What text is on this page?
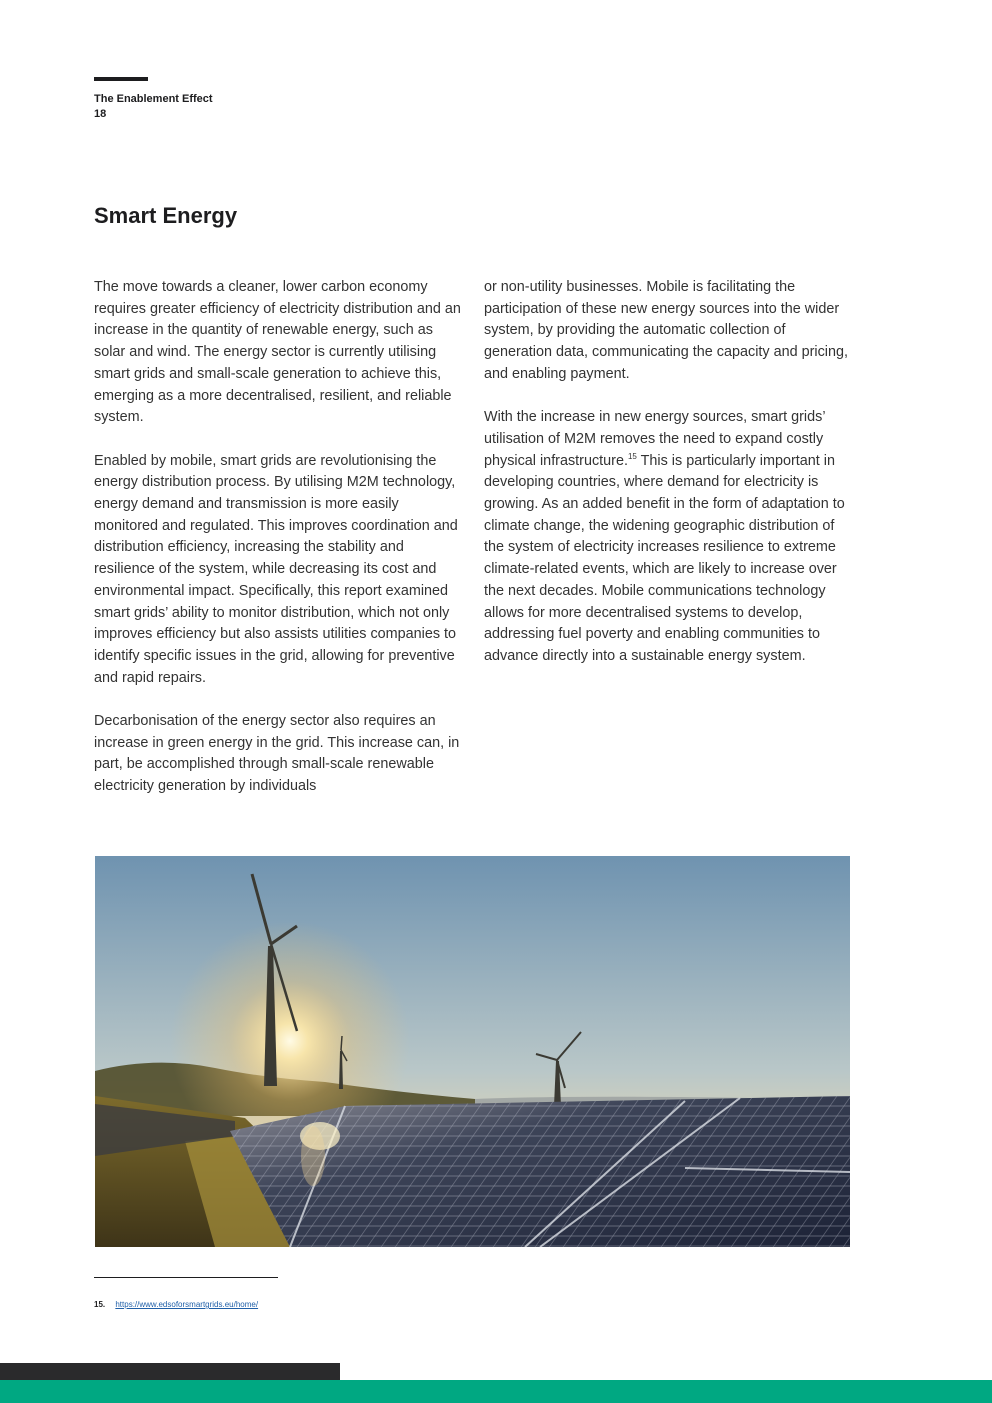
The Enablement Effect
18
Smart Energy

The move towards a cleaner, lower carbon economy requires greater efficiency of electricity distribution and an increase in the quantity of renewable energy, such as solar and wind. The energy sector is currently utilising smart grids and small-scale generation to achieve this, emerging as a more decentralised, resilient, and reliable system.

Enabled by mobile, smart grids are revolutionising the energy distribution process. By utilising M2M technology, energy demand and transmission is more easily monitored and regulated. This improves coordination and distribution efficiency, increasing the stability and resilience of the system, while decreasing its cost and environmental impact. Specifically, this report examined smart grids’ ability to monitor distribution, which not only improves efficiency but also assists utilities companies to identify specific issues in the grid, allowing for preventive and rapid repairs.

Decarbonisation of the energy sector also requires an increase in green energy in the grid. This increase can, in part, be accomplished through small-scale renewable electricity generation by individuals

or non-utility businesses. Mobile is facilitating the participation of these new energy sources into the wider system, by providing the automatic collection of generation data, communicating the capacity and pricing, and enabling payment.

With the increase in new energy sources, smart grids’ utilisation of M2M removes the need to expand costly physical infrastructure.$^{15}$ This is particularly important in developing countries, where demand for electricity is growing. As an added benefit in the form of adaptation to climate change, the widening geographic distribution of the system of electricity increases resilience to extreme climate-related events, which are likely to increase over the next decades. Mobile communications technology allows for more decentralised systems to develop, addressing fuel poverty and enabling communities to advance directly into a sustainable energy system.

15. https://www.edsoforsmartgrids.eu/home/
